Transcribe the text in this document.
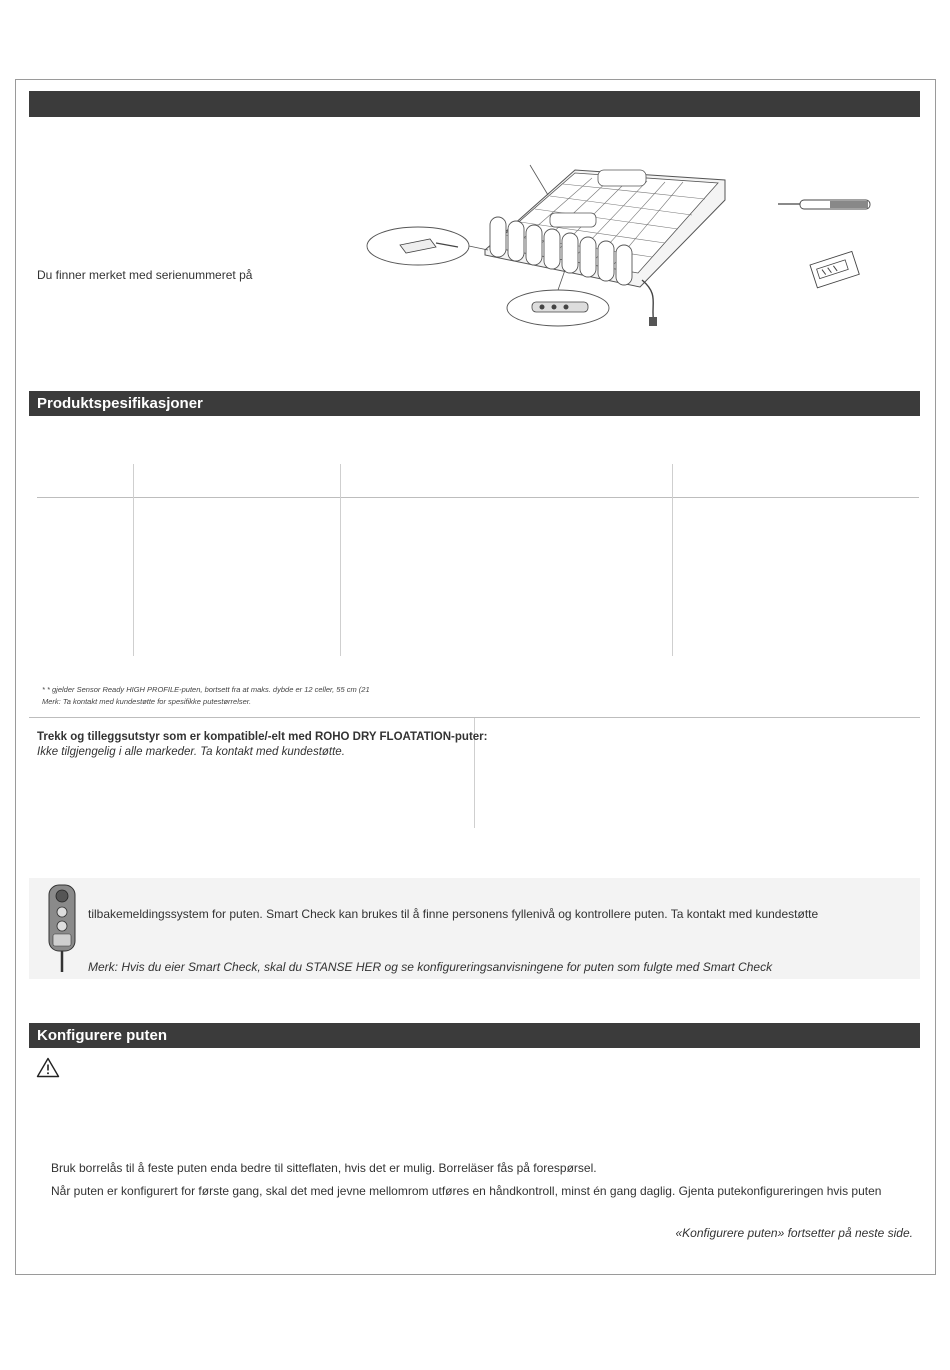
Du finner merket med serienummeret på
Produktspesifikasjoner
* * gjelder Sensor Ready HIGH PROFILE-puten, bortsett fra at maks. dybde er 12 celler, 55 cm (21
Merk: Ta kontakt med kundestøtte for spesifikke putestørrelser.
Trekk og tilleggsutstyr som er kompatible/-elt med ROHO DRY FLOATATION-puter:
Ikke tilgjengelig i alle markeder. Ta kontakt med kundestøtte.
tilbakemeldingssystem for puten. Smart Check kan brukes til å finne personens fyllenivå og kontrollere puten. Ta kontakt med kundestøtte
Merk: Hvis du eier Smart Check, skal du STANSE HER og se konfigureringsanvisningene for puten som fulgte med Smart Check
Konfigurere puten
Bruk borrelås til å feste puten enda bedre til sitteflaten, hvis det er mulig. Borreläser fås på forespørsel.
Når puten er konfigurert for første gang, skal det med jevne mellomrom utføres en håndkontroll, minst én gang daglig. Gjenta putekonfigureringen hvis puten
«Konfigurere puten» fortsetter på neste side.
